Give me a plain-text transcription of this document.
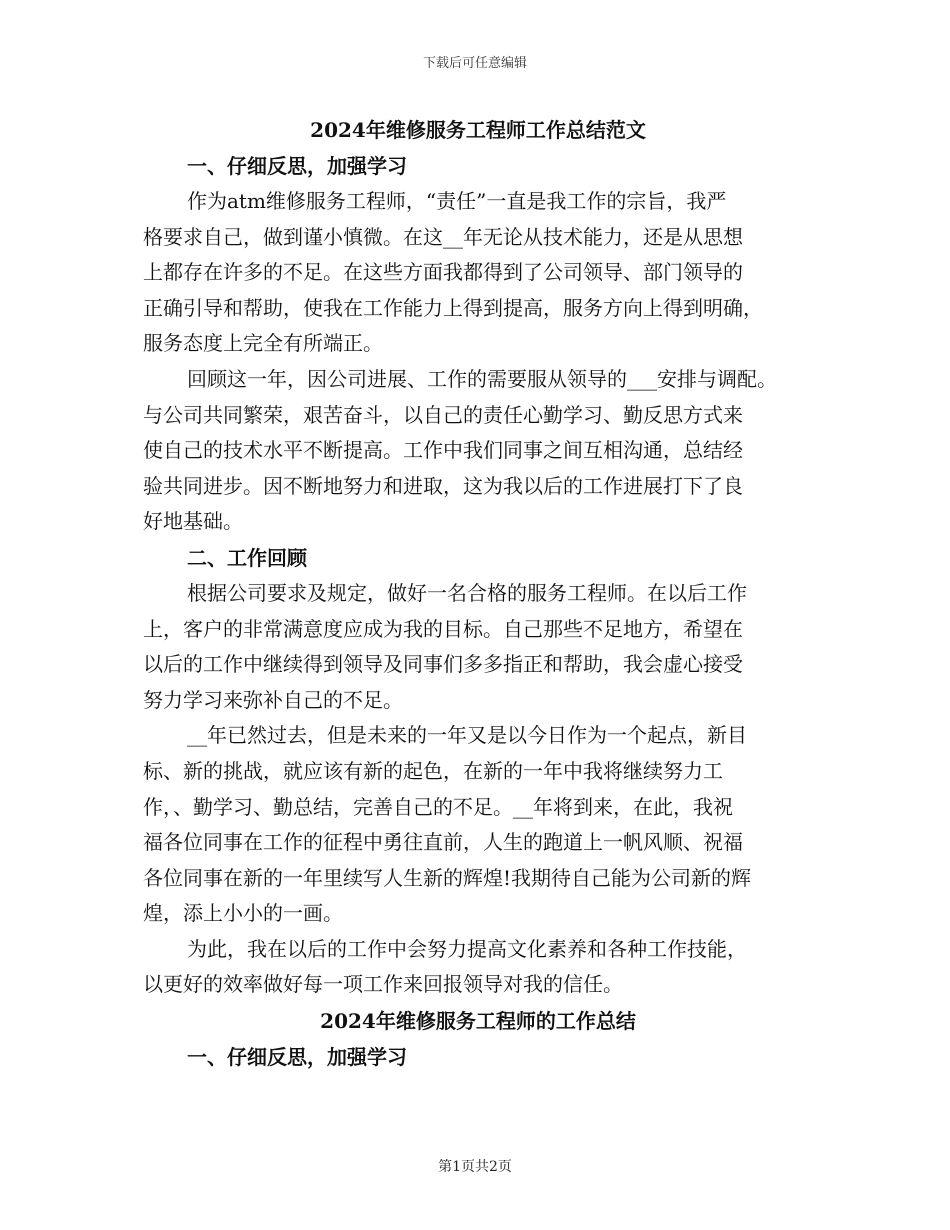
下载后可任意编辑
2024年维修服务工程师工作总结范文
一、仔细反思，加强学习

作为atm维修服务工程师，“责任”一直是我工作的宗旨，我严
格要求自己，做到谨小慎微。在这__年无论从技术能力，还是从思想
上都存在许多的不足。在这些方面我都得到了公司领导、部门领导的
正确引导和帮助，使我在工作能力上得到提高，服务方向上得到明确，
服务态度上完全有所端正。

回顾这一年，因公司进展、工作的需要服从领导的___安排与调配。
与公司共同繁荣，艰苦奋斗，以自己的责任心勤学习、勤反思方式来
使自己的技术水平不断提高。工作中我们同事之间互相沟通，总结经
验共同进步。因不断地努力和进取，这为我以后的工作进展打下了良
好地基础。

二、工作回顾

根据公司要求及规定，做好一名合格的服务工程师。在以后工作
上，客户的非常满意度应成为我的目标。自己那些不足地方，希望在
以后的工作中继续得到领导及同事们多多指正和帮助，我会虚心接受
努力学习来弥补自己的不足。

__年已然过去，但是未来的一年又是以今日作为一个起点，新目
标、新的挑战，就应该有新的起色，在新的一年中我将继续努力工
作，、勤学习、勤总结，完善自己的不足。__年将到来，在此，我祝
福各位同事在工作的征程中勇往直前，人生的跑道上一帆风顺、祝福
各位同事在新的一年里续写人生新的辉煌!我期待自己能为公司新的辉
煌，添上小小的一画。

为此，我在以后的工作中会努力提高文化素养和各种工作技能，
以更好的效率做好每一项工作来回报领导对我的信任。

2024年维修服务工程师的工作总结
一、仔细反思，加强学习
第1页共2页
